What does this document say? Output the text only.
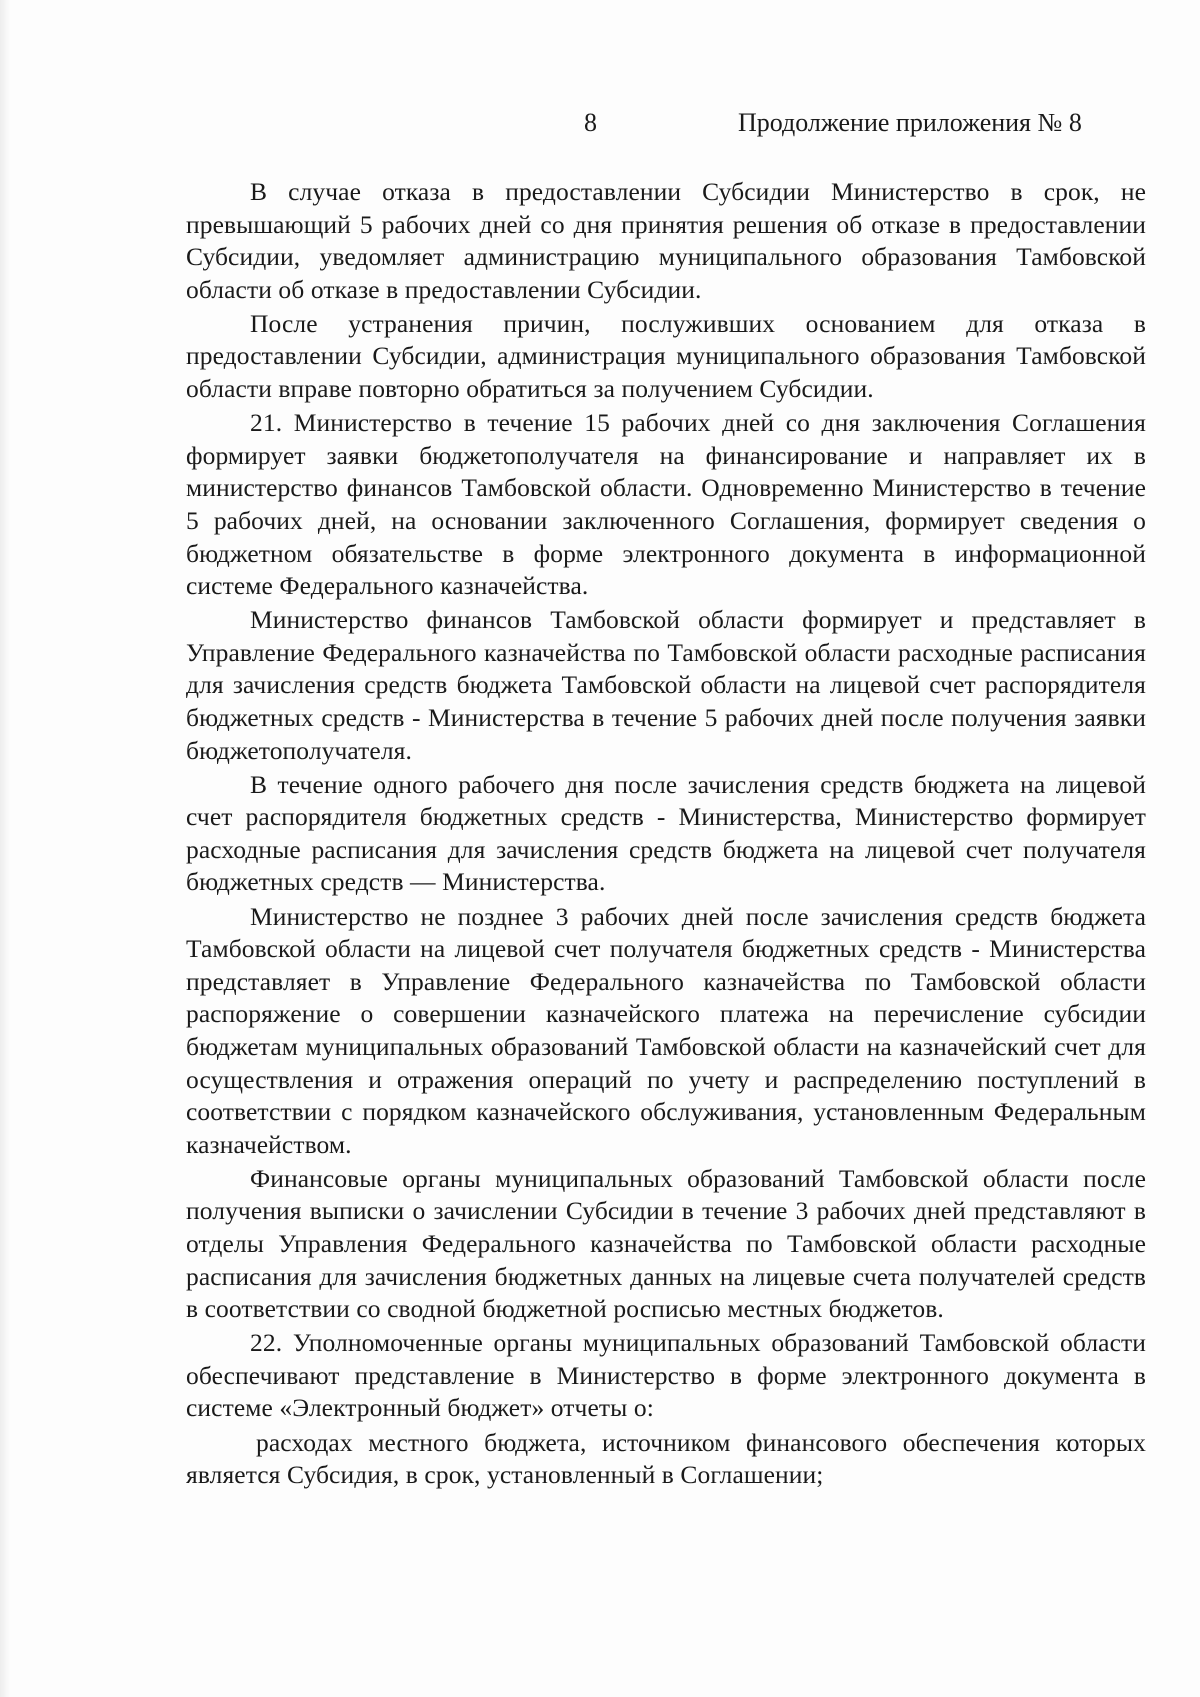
8	Продолжение приложения № 8

В случае отказа в предоставлении Субсидии Министерство в срок, не превышающий 5 рабочих дней со дня принятия решения об отказе в предоставлении Субсидии, уведомляет администрацию муниципального образования Тамбовской области об отказе в предоставлении Субсидии.

После устранения причин, послуживших основанием для отказа в предоставлении Субсидии, администрация муниципального образования Тамбовской области вправе повторно обратиться за получением Субсидии.

21. Министерство в течение 15 рабочих дней со дня заключения Соглашения формирует заявки бюджетополучателя на финансирование и направляет их в министерство финансов Тамбовской области. Одновременно Министерство в течение 5 рабочих дней, на основании заключенного Соглашения, формирует сведения о бюджетном обязательстве в форме электронного документа в информационной системе Федерального казначейства.

Министерство финансов Тамбовской области формирует и представляет в Управление Федерального казначейства по Тамбовской области расходные расписания для зачисления средств бюджета Тамбовской области на лицевой счет распорядителя бюджетных средств - Министерства в течение 5 рабочих дней после получения заявки бюджетополучателя.

В течение одного рабочего дня после зачисления средств бюджета на лицевой счет распорядителя бюджетных средств - Министерства, Министерство формирует расходные расписания для зачисления средств бюджета на лицевой счет получателя бюджетных средств — Министерства.

Министерство не позднее 3 рабочих дней после зачисления средств бюджета Тамбовской области на лицевой счет получателя бюджетных средств - Министерства представляет в Управление Федерального казначейства по Тамбовской области распоряжение о совершении казначейского платежа на перечисление субсидии бюджетам муниципальных образований Тамбовской области на казначейский счет для осуществления и отражения операций по учету и распределению поступлений в соответствии с порядком казначейского обслуживания, установленным Федеральным казначейством.

Финансовые органы муниципальных образований Тамбовской области после получения выписки о зачислении Субсидии в течение 3 рабочих дней представляют в отделы Управления Федерального казначейства по Тамбовской области расходные расписания для зачисления бюджетных данных на лицевые счета получателей средств в соответствии со сводной бюджетной росписью местных бюджетов.

22. Уполномоченные органы муниципальных образований Тамбовской области обеспечивают представление в Министерство в форме электронного документа в системе «Электронный бюджет» отчеты о:

расходах местного бюджета, источником финансового обеспечения которых является Субсидия, в срок, установленный в Соглашении;
